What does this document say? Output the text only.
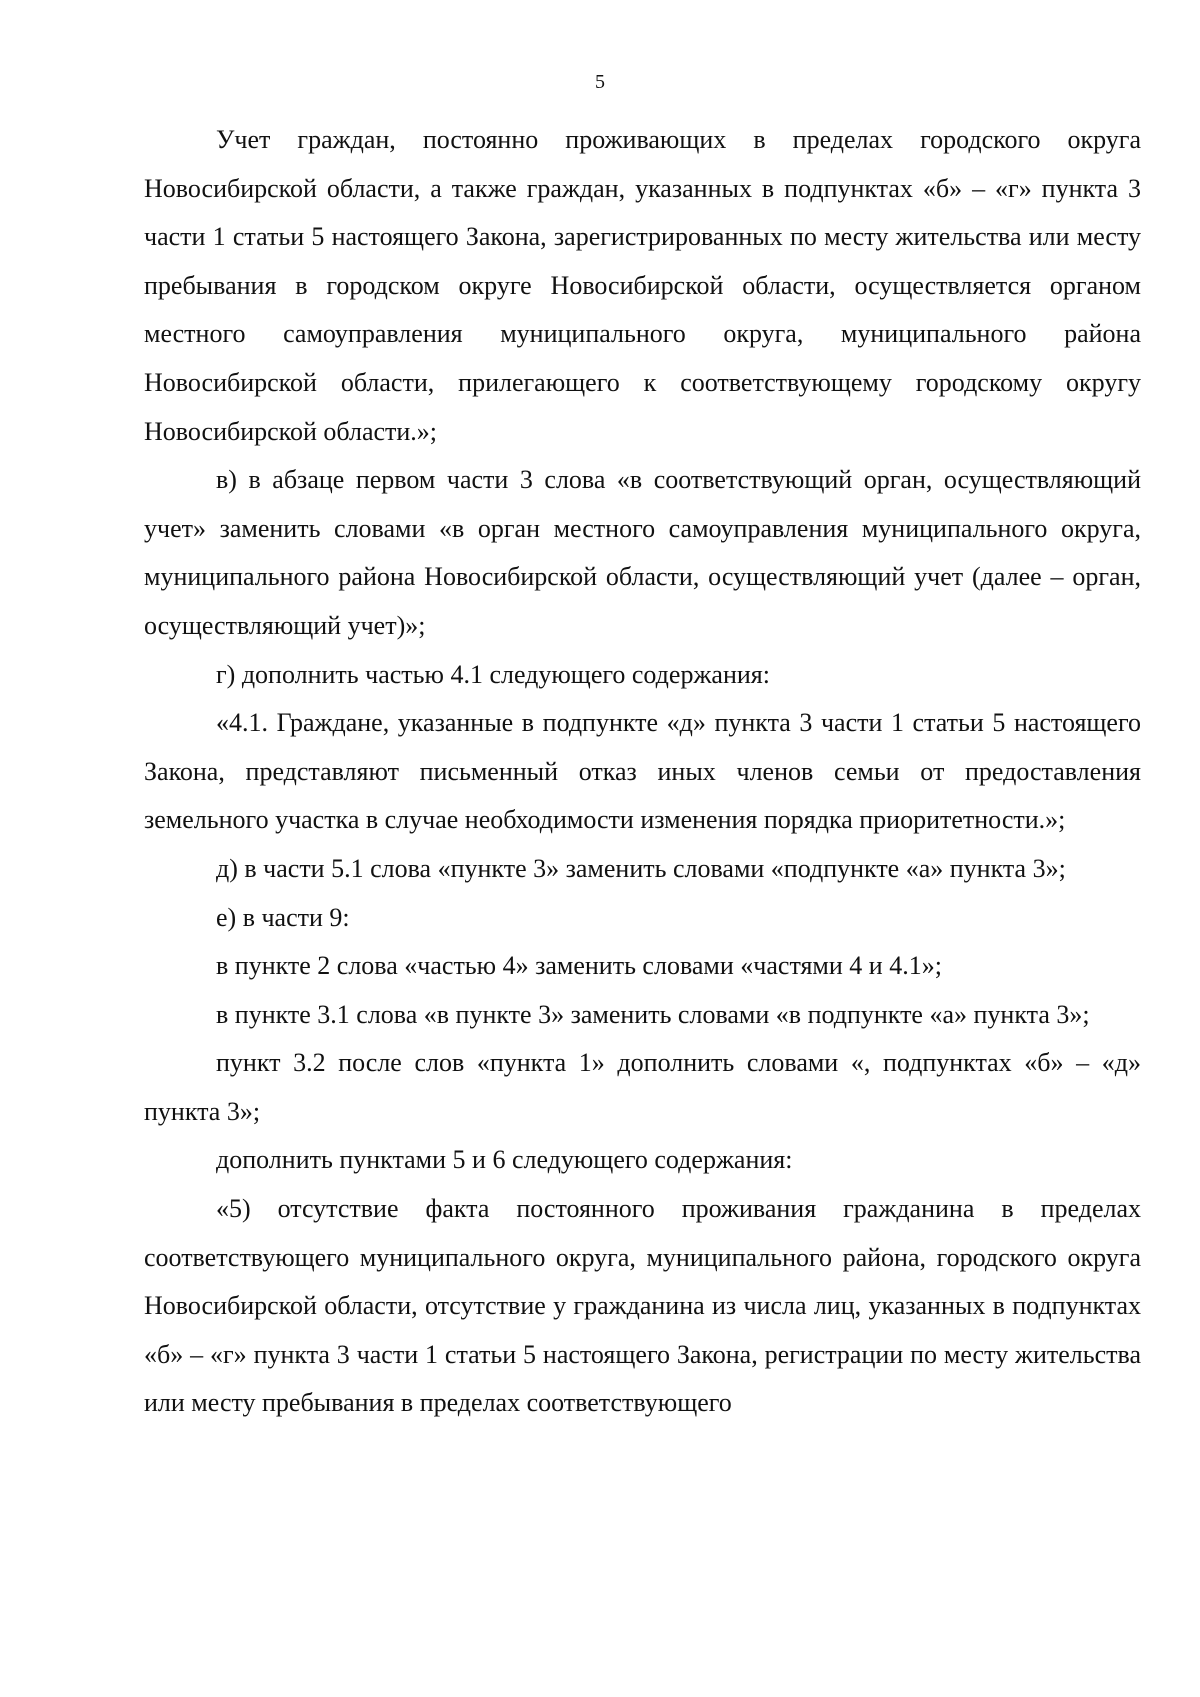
5

Учет граждан, постоянно проживающих в пределах городского округа Новосибирской области, а также граждан, указанных в подпунктах «б» – «г» пункта 3 части 1 статьи 5 настоящего Закона, зарегистрированных по месту жительства или месту пребывания в городском округе Новосибирской области, осуществляется органом местного самоуправления муниципального округа, муниципального района Новосибирской области, прилегающего к соответствующему городскому округу Новосибирской области.»;

в) в абзаце первом части 3 слова «в соответствующий орган, осуществляющий учет» заменить словами «в орган местного самоуправления муниципального округа, муниципального района Новосибирской области, осуществляющий учет (далее – орган, осуществляющий учет)»;

г) дополнить частью 4.1 следующего содержания:

«4.1. Граждане, указанные в подпункте «д» пункта 3 части 1 статьи 5 настоящего Закона, представляют письменный отказ иных членов семьи от предоставления земельного участка в случае необходимости изменения порядка приоритетности.»;

д) в части 5.1 слова «пункте 3» заменить словами «подпункте «а» пункта 3»;

е) в части 9:

в пункте 2 слова «частью 4» заменить словами «частями 4 и 4.1»;

в пункте 3.1 слова «в пункте 3» заменить словами «в подпункте «а» пункта 3»;

пункт 3.2 после слов «пункта 1» дополнить словами «, подпунктах «б» – «д» пункта 3»;

дополнить пунктами 5 и 6 следующего содержания:

«5) отсутствие факта постоянного проживания гражданина в пределах соответствующего муниципального округа, муниципального района, городского округа Новосибирской области, отсутствие у гражданина из числа лиц, указанных в подпунктах «б» – «г» пункта 3 части 1 статьи 5 настоящего Закона, регистрации по месту жительства или месту пребывания в пределах соответствующего
